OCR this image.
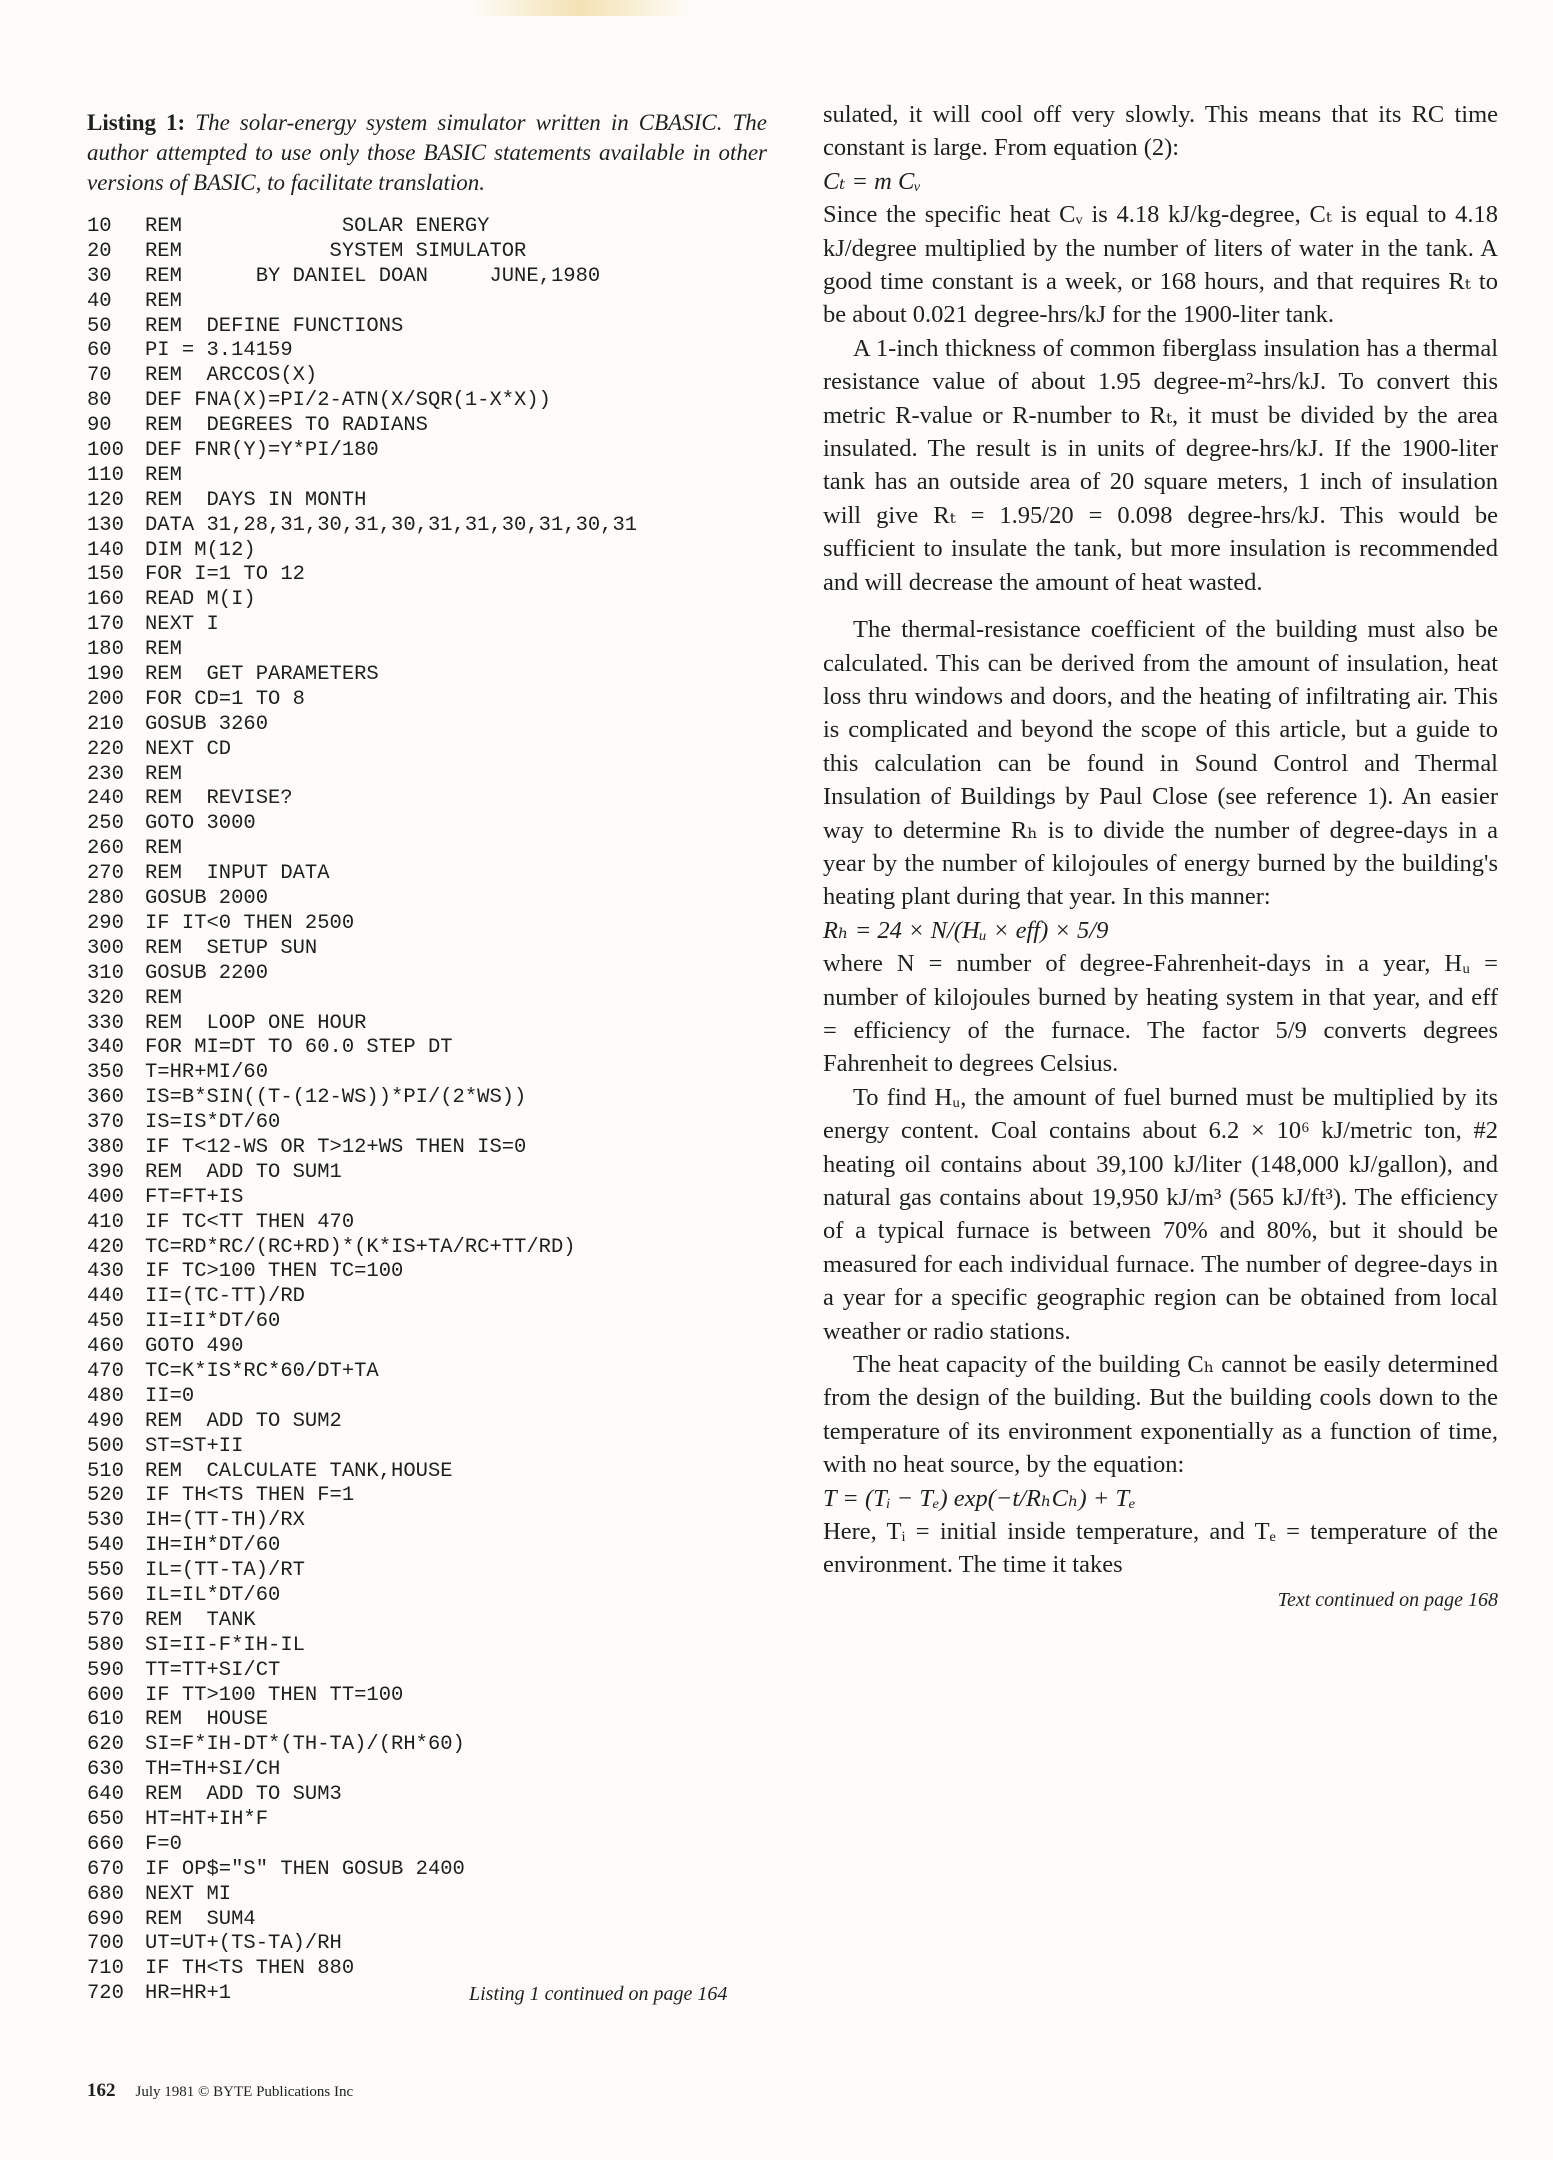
Listing 1: The solar-energy system simulator written in CBASIC. The author attempted to use only those BASIC statements available in other versions of BASIC, to facilitate translation.

10 REM             SOLAR ENERGY
20 REM            SYSTEM SIMULATOR
30 REM      BY DANIEL DOAN     JUNE,1980
40 REM
50 REM  DEFINE FUNCTIONS
60 PI = 3.14159
70 REM  ARCCOS(X)
80 DEF FNA(X)=PI/2-ATN(X/SQR(1-X*X))
90 REM  DEGREES TO RADIANS
100 DEF FNR(Y)=Y*PI/180
110 REM
120 REM  DAYS IN MONTH
130 DATA 31,28,31,30,31,30,31,31,30,31,30,31
140 DIM M(12)
150 FOR I=1 TO 12
160 READ M(I)
170 NEXT I
180 REM
190 REM  GET PARAMETERS
200 FOR CD=1 TO 8
210 GOSUB 3260
220 NEXT CD
230 REM
240 REM  REVISE?
250 GOTO 3000
260 REM
270 REM  INPUT DATA
280 GOSUB 2000
290 IF IT<0 THEN 2500
300 REM  SETUP SUN
310 GOSUB 2200
320 REM
330 REM  LOOP ONE HOUR
340 FOR MI=DT TO 60.0 STEP DT
350 T=HR+MI/60
360 IS=B*SIN((T-(12-WS))*PI/(2*WS))
370 IS=IS*DT/60
380 IF T<12-WS OR T>12+WS THEN IS=0
390 REM  ADD TO SUM1
400 FT=FT+IS
410 IF TC<TT THEN 470
420 TC=RD*RC/(RC+RD)*(K*IS+TA/RC+TT/RD)
430 IF TC>100 THEN TC=100
440 II=(TC-TT)/RD
450 II=II*DT/60
460 GOTO 490
470 TC=K*IS*RC*60/DT+TA
480 II=0
490 REM  ADD TO SUM2
500 ST=ST+II
510 REM  CALCULATE TANK,HOUSE
520 IF TH<TS THEN F=1
530 IH=(TT-TH)/RX
540 IH=IH*DT/60
550 IL=(TT-TA)/RT
560 IL=IL*DT/60
570 REM  TANK
580 SI=II-F*IH-IL
590 TT=TT+SI/CT
600 IF TT>100 THEN TT=100
610 REM  HOUSE
620 SI=F*IH-DT*(TH-TA)/(RH*60)
630 TH=TH+SI/CH
640 REM  ADD TO SUM3
650 HT=HT+IH*F
660 F=0
670 IF OP$="S" THEN GOSUB 2400
680 NEXT MI
690 REM  SUM4
700 UT=UT+(TS-TA)/RH
710 IF TH<TS THEN 880
720 HR=HR+1	Listing 1 continued on page 164
162 July 1981 © BYTE Publications Inc

sulated, it will cool off very slowly. This means that its RC time constant is large. From equation (2):

Cₜ = m Cᵥ

Since the specific heat Cᵥ is 4.18 kJ/kg-degree, Cₜ is equal to 4.18 kJ/degree multiplied by the number of liters of water in the tank. A good time constant is a week, or 168 hours, and that requires Rₜ to be about 0.021 degree-hrs/kJ for the 1900-liter tank.

A 1-inch thickness of common fiberglass insulation has a thermal resistance value of about 1.95 degree-m²-hrs/kJ. To convert this metric R-value or R-number to Rₜ, it must be divided by the area insulated. The result is in units of degree-hrs/kJ. If the 1900-liter tank has an outside area of 20 square meters, 1 inch of insulation will give Rₜ = 1.95/20 = 0.098 degree-hrs/kJ. This would be sufficient to insulate the tank, but more insulation is recommended and will decrease the amount of heat wasted.

The thermal-resistance coefficient of the building must also be calculated. This can be derived from the amount of insulation, heat loss thru windows and doors, and the heating of infiltrating air. This is complicated and beyond the scope of this article, but a guide to this calculation can be found in Sound Control and Thermal Insulation of Buildings by Paul Close (see reference 1). An easier way to determine Rₕ is to divide the number of degree-days in a year by the number of kilojoules of energy burned by the building's heating plant during that year. In this manner:

Rₕ = 24 × N/(Hᵤ × eff) × 5/9

where N = number of degree-Fahrenheit-days in a year, Hᵤ = number of kilojoules burned by heating system in that year, and eff = efficiency of the furnace. The factor 5/9 converts degrees Fahrenheit to degrees Celsius.

To find Hᵤ, the amount of fuel burned must be multiplied by its energy content. Coal contains about 6.2 × 10⁶ kJ/metric ton, #2 heating oil contains about 39,100 kJ/liter (148,000 kJ/gallon), and natural gas contains about 19,950 kJ/m³ (565 kJ/ft³). The efficiency of a typical furnace is between 70% and 80%, but it should be measured for each individual furnace. The number of degree-days in a year for a specific geographic region can be obtained from local weather or radio stations.

The heat capacity of the building Cₕ cannot be easily determined from the design of the building. But the building cools down to the temperature of its environment exponentially as a function of time, with no heat source, by the equation:

T = (Tᵢ − Tₑ) exp(−t/RₕCₕ) + Tₑ

Here, Tᵢ = initial inside temperature, and Tₑ = temperature of the environment. The time it takes

Text continued on page 168
